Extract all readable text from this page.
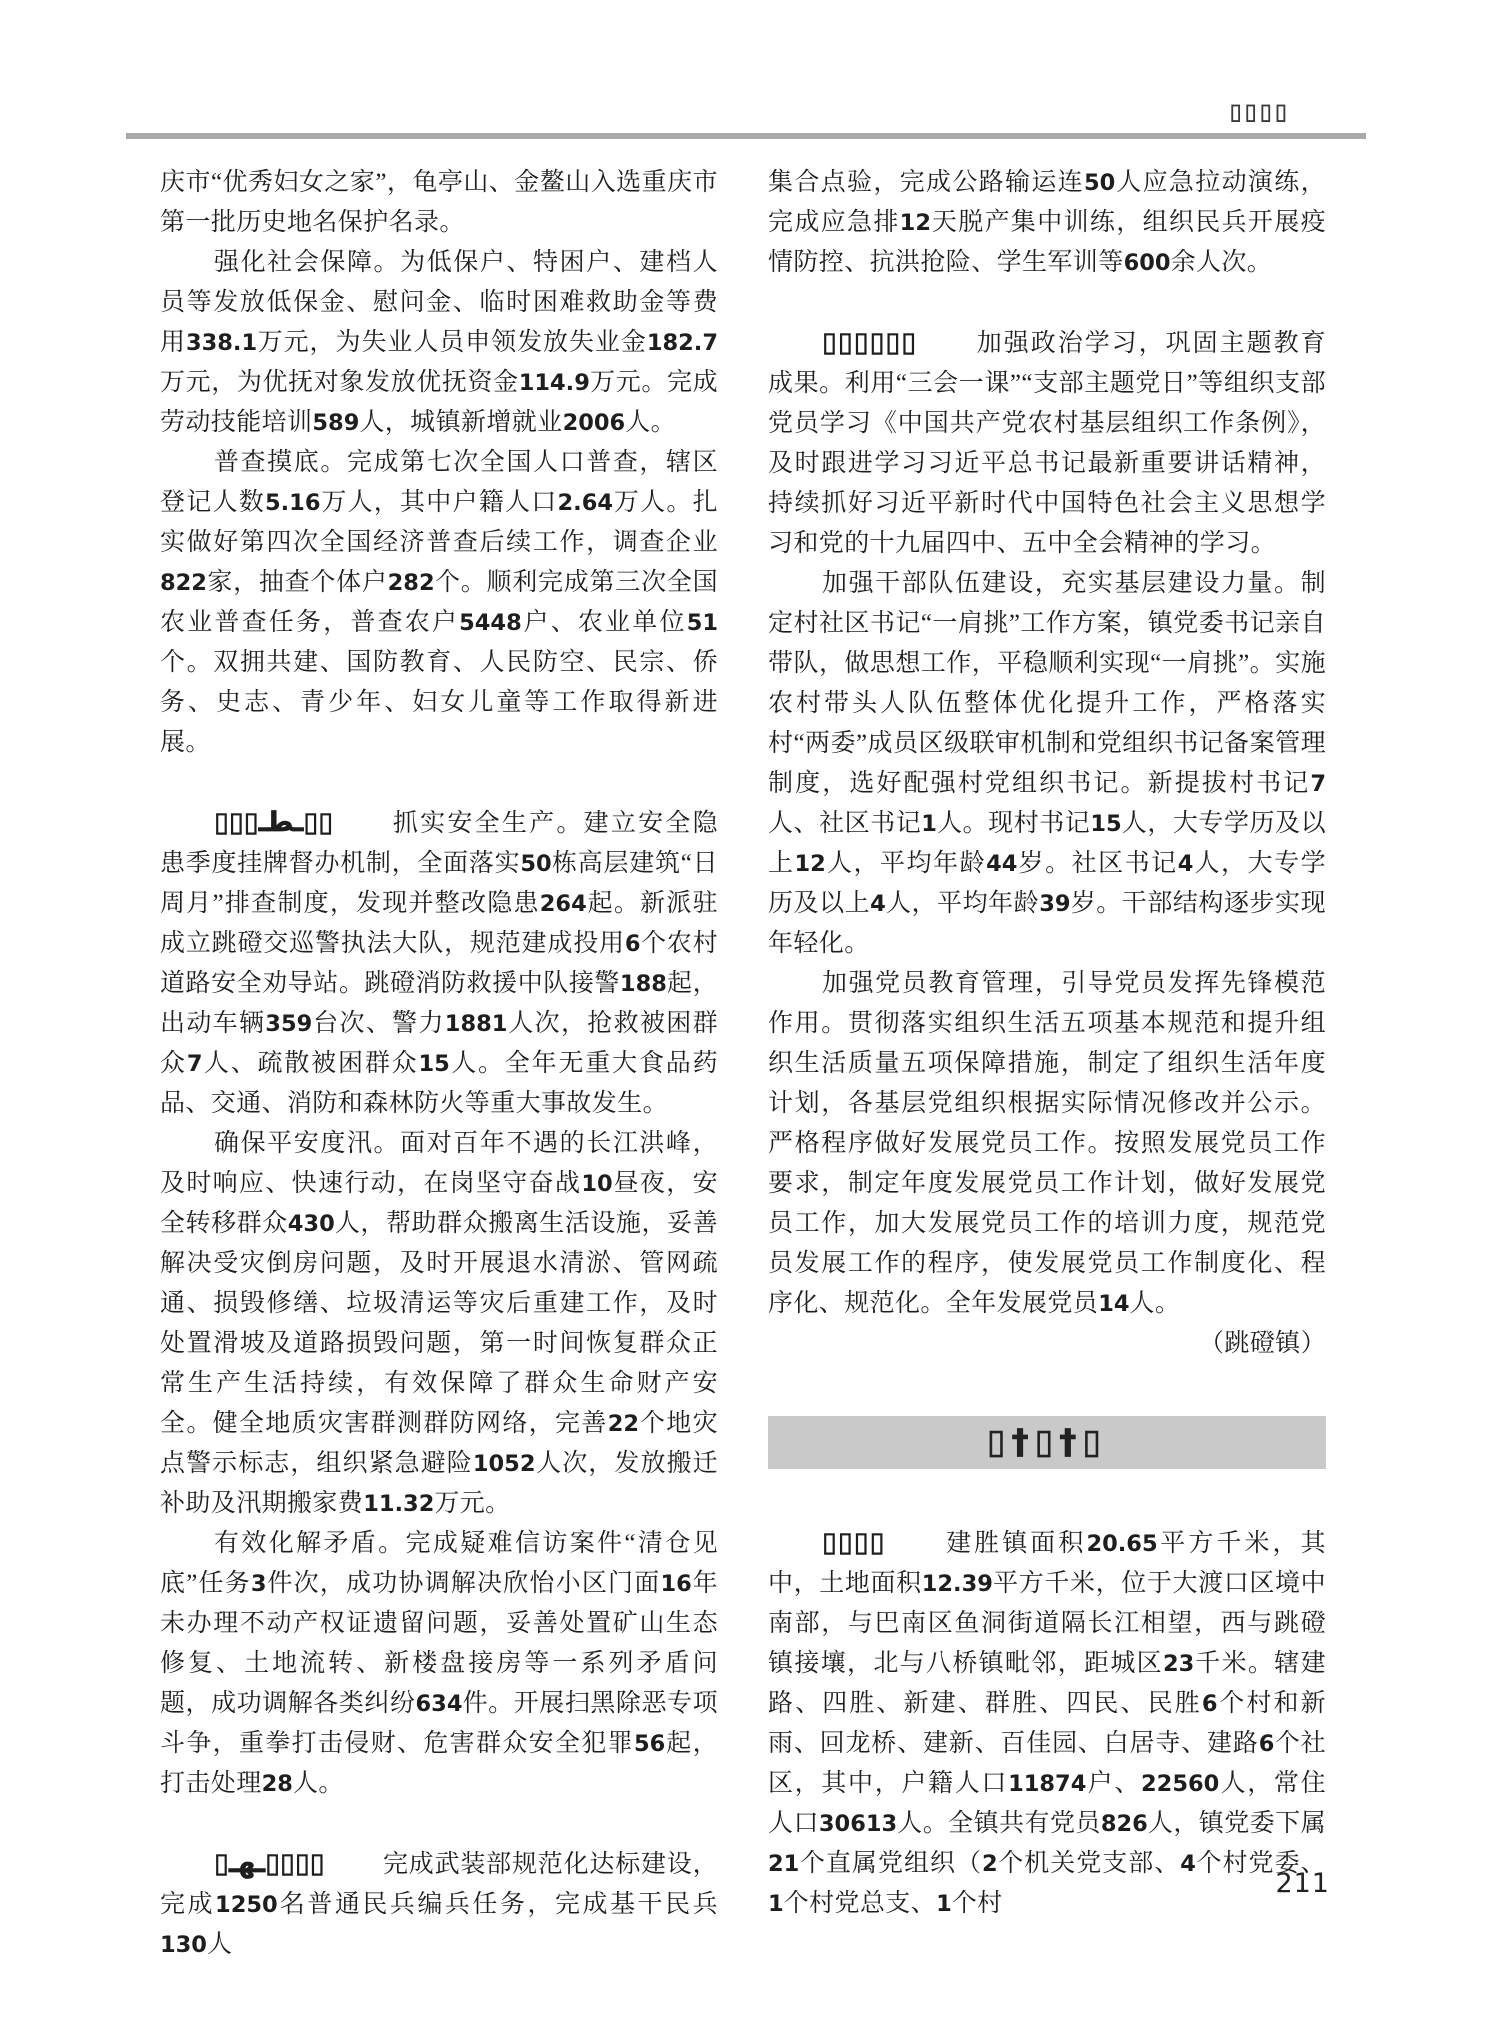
▯▯▯▯
庆市“优秀妇女之家”，龟亭山、金鳌山入选重庆市第一批历史地名保护名录。
强化社会保障。为低保户、特困户、建档人员等发放低保金、慰问金、临时困难救助金等费用338.1万元，为失业人员申领发放失业金182.7万元，为优抚对象发放优抚资金114.9万元。完成劳动技能培训589人，城镇新增就业2006人。
普查摸底。完成第七次全国人口普查，辖区登记人数5.16万人，其中户籍人口2.64万人。扎实做好第四次全国经济普查后续工作，调查企业822家，抽查个体户282个。顺利完成第三次全国农业普查任务，普查农户5448户、农业单位51个。双拥共建、国防教育、人民防空、民宗、侨务、史志、青少年、妇女儿童等工作取得新进展。
▯▯▯ـطـ▯▯ 抓实安全生产。建立安全隐患季度挂牌督办机制，全面落实50栋高层建筑“日周月”排查制度，发现并整改隐患264起。新派驻成立跳磴交巡警执法大队，规范建成投用6个农村道路安全劝导站。跳磴消防救援中队接警188起，出动车辆359台次、警力1881人次，抢救被困群众7人、疏散被困群众15人。全年无重大食品药品、交通、消防和森林防火等重大事故发生。
确保平安度汛。面对百年不遇的长江洪峰，及时响应、快速行动，在岗坚守奋战10昼夜，安全转移群众430人，帮助群众搬离生活设施，妥善解决受灾倒房问题，及时开展退水清淤、管网疏通、损毁修缮、垃圾清运等灾后重建工作，及时处置滑坡及道路损毁问题，第一时间恢复群众正常生产生活持续，有效保障了群众生命财产安全。健全地质灾害群测群防网络，完善22个地灾点警示标志，组织紧急避险1052人次，发放搬迁补助及汛期搬家费11.32万元。
有效化解矛盾。完成疑难信访案件“清仓见底”任务3件次，成功协调解决欣怡小区门面16年未办理不动产权证遗留问题，妥善处置矿山生态修复、土地流转、新楼盘接房等一系列矛盾问题，成功调解各类纠纷634件。开展扫黑除恶专项斗争，重拳打击侵财、危害群众安全犯罪56起，打击处理28人。
▯ـهـ▯▯▯▯ 完成武装部规范化达标建设，完成1250名普通民兵编兵任务，完成基干民兵130人
集合点验，完成公路输运连50人应急拉动演练，完成应急排12天脱产集中训练，组织民兵开展疫情防控、抗洪抢险、学生军训等600余人次。
▯▯▯▯▯▯ 加强政治学习，巩固主题教育成果。利用“三会一课”“支部主题党日”等组织支部党员学习《中国共产党农村基层组织工作条例》，及时跟进学习习近平总书记最新重要讲话精神，持续抓好习近平新时代中国特色社会主义思想学习和党的十九届四中、五中全会精神的学习。
加强干部队伍建设，充实基层建设力量。制定村社区书记“一肩挑”工作方案，镇党委书记亲自带队，做思想工作，平稳顺利实现“一肩挑”。实施农村带头人队伍整体优化提升工作，严格落实村“两委”成员区级联审机制和党组织书记备案管理制度，选好配强村党组织书记。新提拔村书记7人、社区书记1人。现村书记15人，大专学历及以上12人，平均年龄44岁。社区书记4人，大专学历及以上4人，平均年龄39岁。干部结构逐步实现年轻化。
加强党员教育管理，引导党员发挥先锋模范作用。贯彻落实组织生活五项基本规范和提升组织生活质量五项保障措施，制定了组织生活年度计划，各基层党组织根据实际情况修改并公示。严格程序做好发展党员工作。按照发展党员工作要求，制定年度发展党员工作计划，做好发展党员工作，加大发展党员工作的培训力度，规范党员发展工作的程序，使发展党员工作制度化、程序化、规范化。全年发展党员14人。
（跳磴镇）
▯†▯†▯
▯▯▯▯ 建胜镇面积20.65平方千米，其中，土地面积12.39平方千米，位于大渡口区境中南部，与巴南区鱼洞街道隔长江相望，西与跳磴镇接壤，北与八桥镇毗邻，距城区23千米。辖建路、四胜、新建、群胜、四民、民胜6个村和新雨、回龙桥、建新、百佳园、白居寺、建路6个社区，其中，户籍人口11874户、22560人，常住人口30613人。全镇共有党员826人，镇党委下属21个直属党组织（2个机关党支部、4个村党委、1个村党总支、1个村
211
